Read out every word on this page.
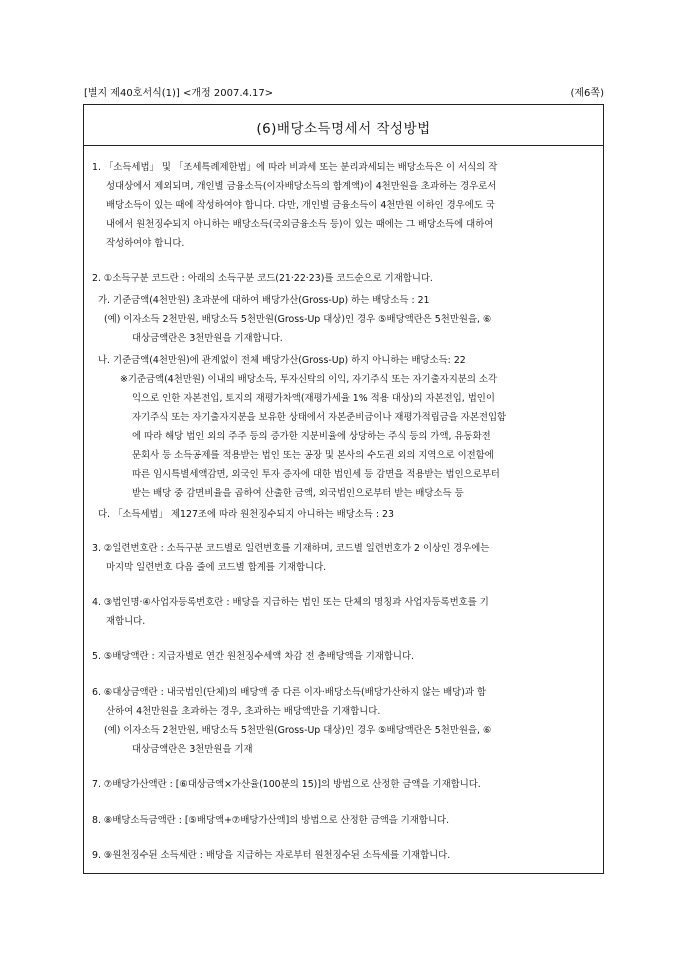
[별지 제40호서식(1)] <개정 2007.4.17>	(제6쪽)
(6)배당소득명세서 작성방법
1. 「소득세법」 및 「조세특례제한법」에 따라 비과세 또는 분리과세되는 배당소득은 이 서식의 작
성대상에서 제외되며, 개인별 금융소득(이자배당소득의 합계액)이 4천만원을 초과하는 경우로서
배당소득이 있는 때에 작성하여야 합니다. 다만, 개인별 금융소득이 4천만원 이하인 경우에도 국
내에서 원천징수되지 아니하는 배당소득(국외금융소득 등)이 있는 때에는 그 배당소득에 대하여
작성하여야 합니다.
2. ①소득구분 코드란 : 아래의 소득구분 코드(21·22·23)를 코드순으로 기재합니다.
가. 기준금액(4천만원) 초과분에 대하여 배당가산(Gross-Up) 하는 배당소득 : 21
(예) 이자소득 2천만원, 배당소득 5천만원(Gross-Up 대상)인 경우 ⑤배당액란은 5천만원을, ⑥
대상금액란은 3천만원을 기재합니다.
나. 기준금액(4천만원)에 관계없이 전체 배당가산(Gross-Up) 하지 아니하는 배당소득: 22
※기준금액(4천만원) 이내의 배당소득, 투자신탁의 이익, 자기주식 또는 자기출자지분의 소각
익으로 인한 자본전입, 토지의 재평가차액(재평가세율 1% 적용 대상)의 자본전입, 법인이
자기주식 또는 자기출자지분을 보유한 상태에서 자본준비금이나 재평가적립금을 자본전입함
에 따라 해당 법인 외의 주주 등의 증가한 지분비율에 상당하는 주식 등의 가액, 유동화전
문회사 등 소득공제를 적용받는 법인 또는 공장 및 본사의 수도권 외의 지역으로 이전함에
따른 임시특별세액감면, 외국인 투자 증자에 대한 법인세 등 감면을 적용받는 법인으로부터
받는 배당 중 감면비율을 곱하여 산출한 금액, 외국법인으로부터 받는 배당소득 등
다. 「소득세법」 제127조에 따라 원천징수되지 아니하는 배당소득 : 23
3. ②일련번호란 : 소득구분 코드별로 일련번호를 기재하며, 코드별 일련번호가 2 이상인 경우에는
마지막 일련번호 다음 줄에 코드별 합계를 기재합니다.
4. ③법인명·④사업자등록번호란 : 배당을 지급하는 법인 또는 단체의 명칭과 사업자등록번호를 기
재합니다.
5. ⑤배당액란 : 지급자별로 연간 원천징수세액 차감 전 총배당액을 기재합니다.
6. ⑥대상금액란 : 내국법인(단체)의 배당액 중 다른 이자·배당소득(배당가산하지 않는 배당)과 합
산하여 4천만원을 초과하는 경우, 초과하는 배당액만을 기재합니다.
(예) 이자소득 2천만원, 배당소득 5천만원(Gross-Up 대상)인 경우 ⑤배당액란은 5천만원을, ⑥
대상금액란은 3천만원을 기재
7. ⑦배당가산액란 : [⑥대상금액×가산율(100분의 15)]의 방법으로 산정한 금액을 기재합니다.
8. ⑧배당소득금액란 : [⑤배당액+⑦배당가산액]의 방법으로 산정한 금액을 기재합니다.
9. ⑨원천징수된 소득세란 : 배당을 지급하는 자로부터 원천징수된 소득세를 기재합니다.
